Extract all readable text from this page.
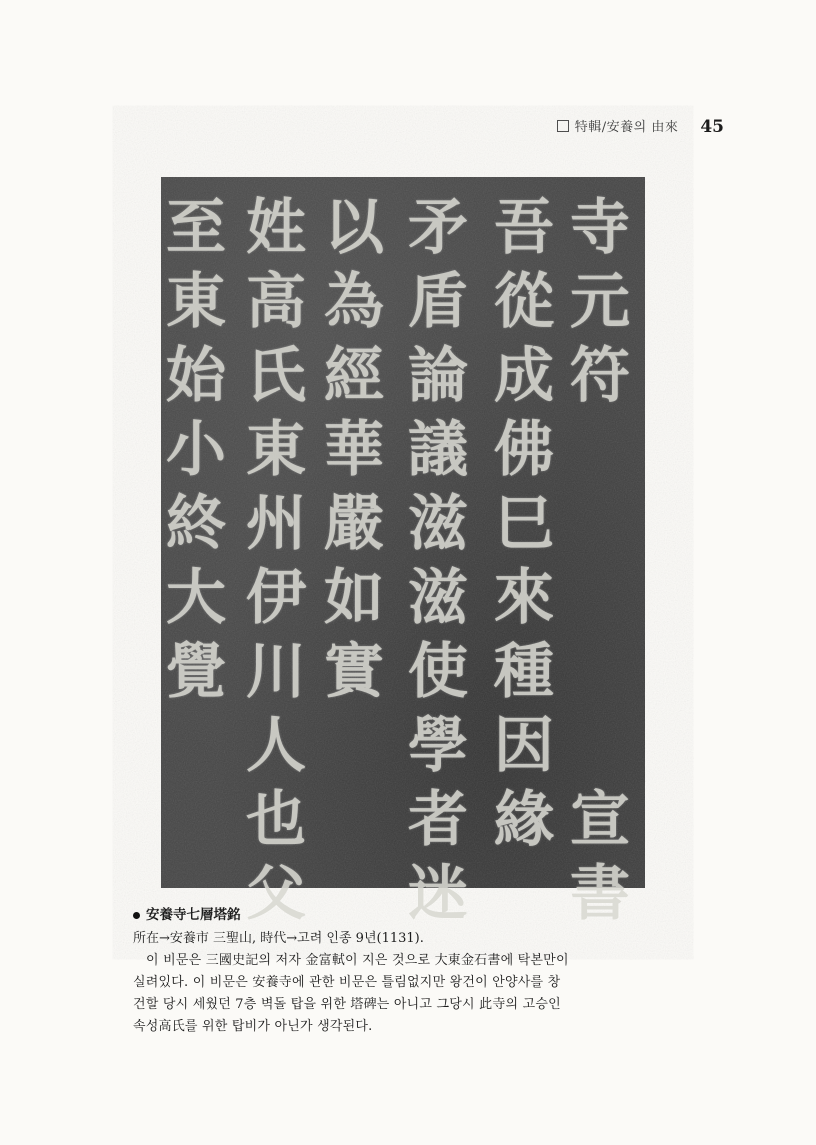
特輯/安養의 由來 45
寺
元
符
宣
書
吾
從
成
佛
巳
來
種
因
緣
矛
盾
論
議
滋
滋
使
學
者
迷
以
為
經
華
嚴
如
實
姓
高
氏
東
州
伊
川
人
也
父
至
東
始
小
終
大
覺
安養寺七層塔銘
所在→安養市 三聖山, 時代→고려 인종 9년(1131).

이 비문은 三國史記의 저자 金富軾이 지은 것으로 大東金石書에 탁본만이

실려있다. 이 비문은 安養寺에 관한 비문은 틀림없지만 왕건이 안양사를 창

건할 당시 세웠던 7층 벽돌 탑을 위한 塔碑는 아니고 그당시 此寺의 고승인

속성高氏를 위한 탑비가 아닌가 생각된다.
